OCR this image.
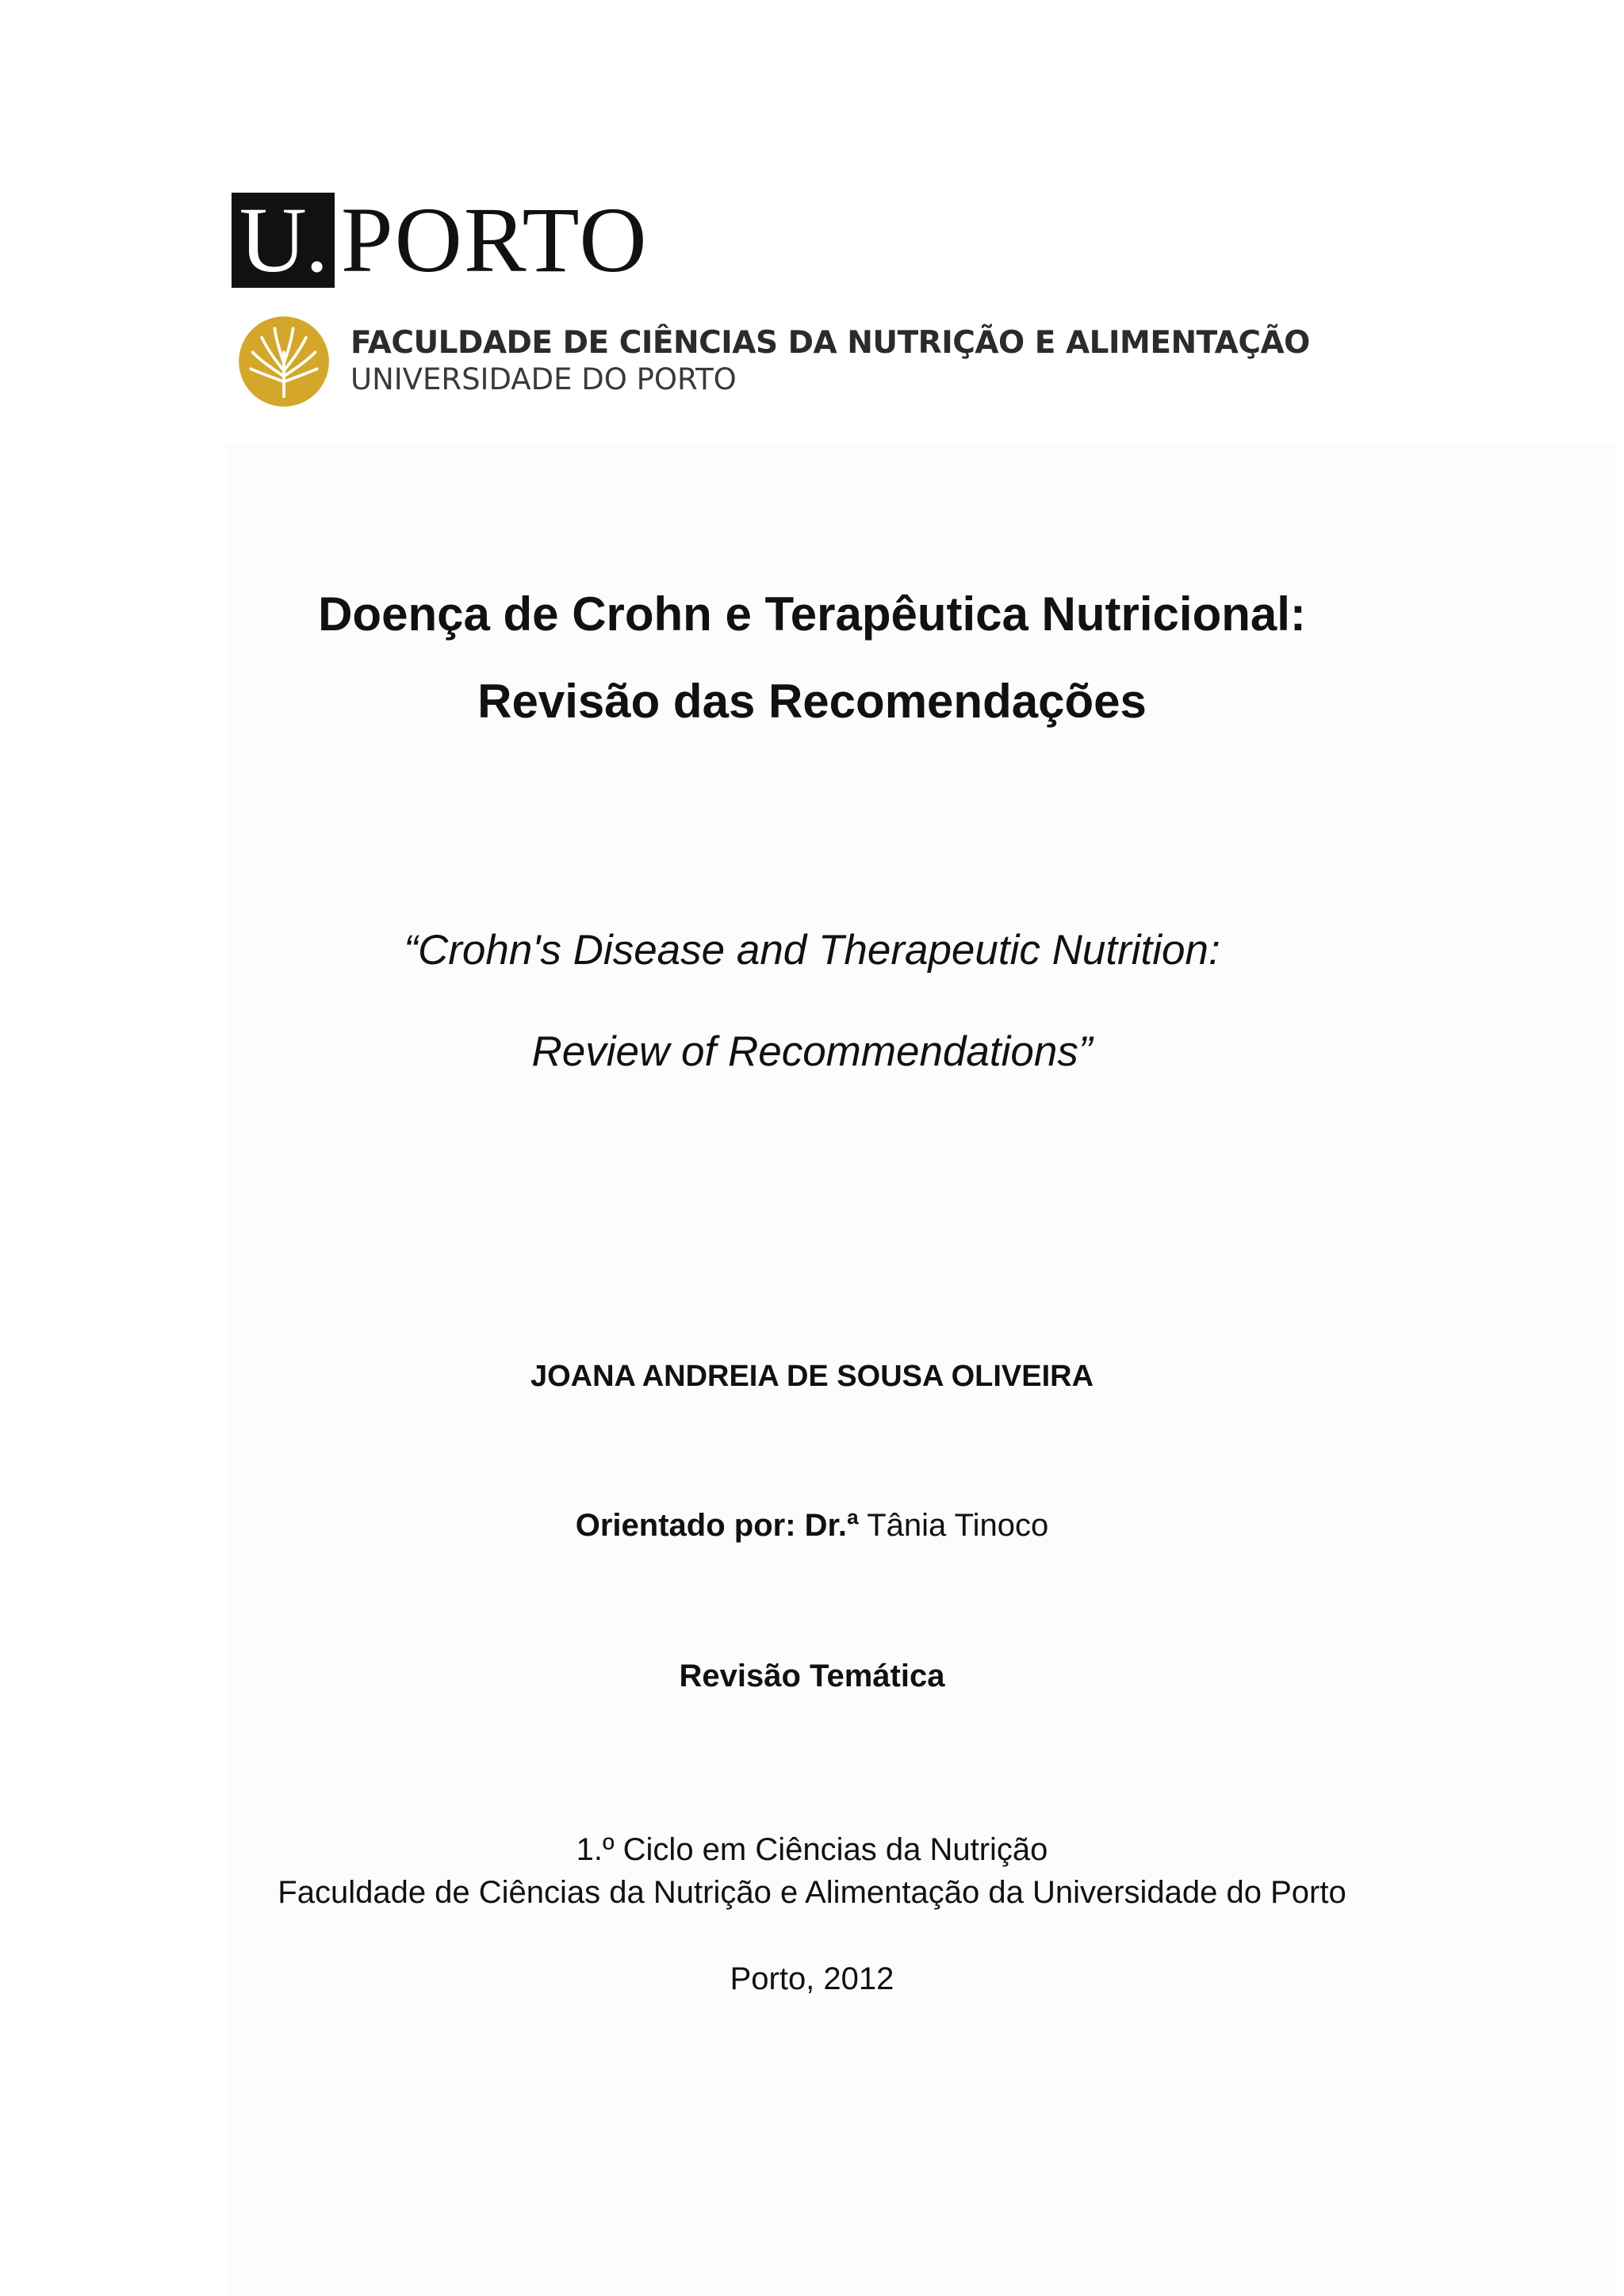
U. PORTO
FACULDADE DE CIÊNCIAS DA NUTRIÇÃO E ALIMENTAÇÃO
UNIVERSIDADE DO PORTO

Doença de Crohn e Terapêutica Nutricional:

Revisão das Recomendações

“Crohn's Disease and Therapeutic Nutrition:

Review of Recommendations”

JOANA ANDREIA DE SOUSA OLIVEIRA
Orientado por: Dr.ª Tânia Tinoco
Revisão Temática
1.º Ciclo em Ciências da Nutrição
Faculdade de Ciências da Nutrição e Alimentação da Universidade do Porto
Porto, 2012
